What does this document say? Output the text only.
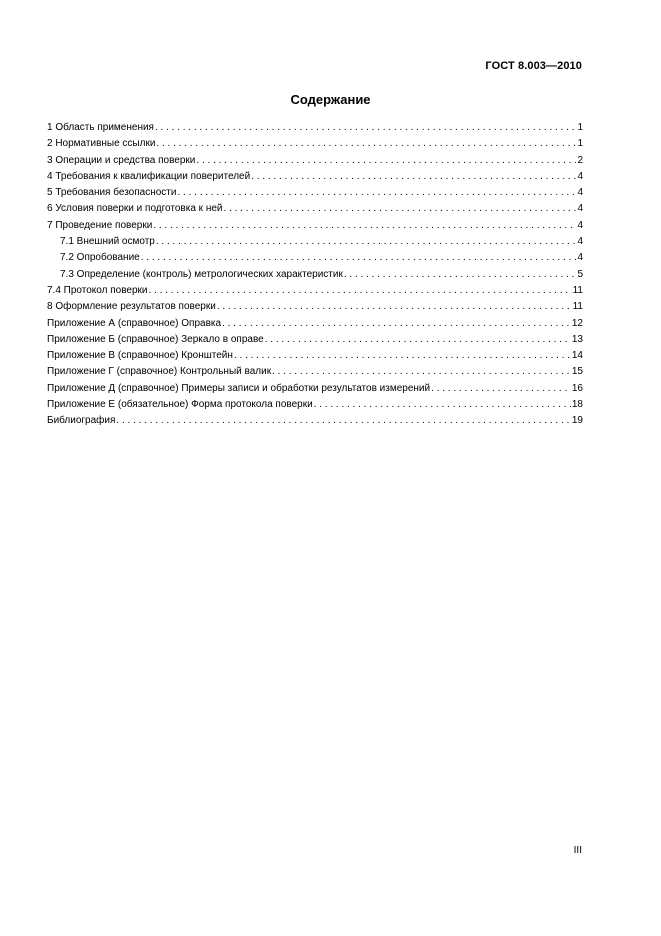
ГОСТ 8.003—2010
Содержание
1 Область применения . . .	1
2 Нормативные ссылки . . .	1
3 Операции и средства поверки . . .	2
4 Требования к квалификации поверителей . . .	4
5 Требования безопасности . . .	4
6 Условия поверки и подготовка к ней . . .	4
7 Проведение поверки . . .	4
7.1 Внешний осмотр . . .	4
7.2 Опробование . . .	4
7.3 Определение (контроль) метрологических характеристик . . .	5
7.4 Протокол поверки . . .	11
8 Оформление результатов поверки . . .	11
Приложение А (справочное) Оправка . . .	12
Приложение Б (справочное) Зеркало в оправе . . .	13
Приложение В (справочное) Кронштейн . . .	14
Приложение Г (справочное) Контрольный валик . . .	15
Приложение Д (справочное) Примеры записи и обработки результатов измерений . . .	16
Приложение Е (обязательное) Форма протокола поверки . . .	18
Библиография . . .	19
III
